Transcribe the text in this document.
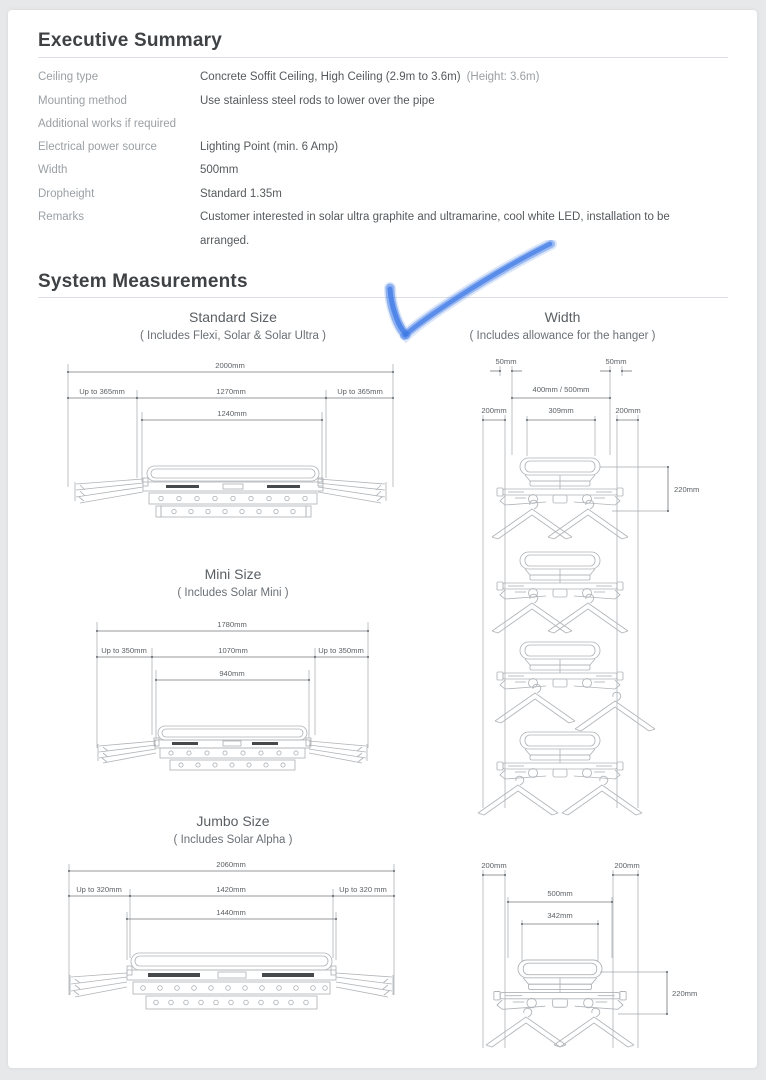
Executive Summary
Ceiling type	Concrete Soffit Ceiling, High Ceiling (2.9m to 3.6m) (Height: 3.6m)
Mounting method	Use stainless steel rods to lower over the pipe
Additional works if required
Electrical power source	Lighting Point (min. 6 Amp)
Width	500mm
Dropheight	Standard 1.35m
Remarks	Customer interested in solar ultra graphite and ultramarine, cool white LED, installation to be arranged.
System Measurements
Standard Size
( Includes Flexi, Solar & Solar Ultra )
Width
( Includes allowance for the hanger )
Mini Size
( Includes Solar Mini )
Jumbo Size
( Includes Solar Alpha )
2000mm
Up to 365mm	1270mm	Up to 365mm
1240mm
50mm	50mm
400mm / 500mm
200mm	309mm	200mm
220mm
1780mm
Up to 350mm	1070mm	Up to 350mm
940mm
2060mm
Up to 320mm	1420mm	Up to 320 mm
1440mm
200mm	200mm
500mm
342mm
220mm
